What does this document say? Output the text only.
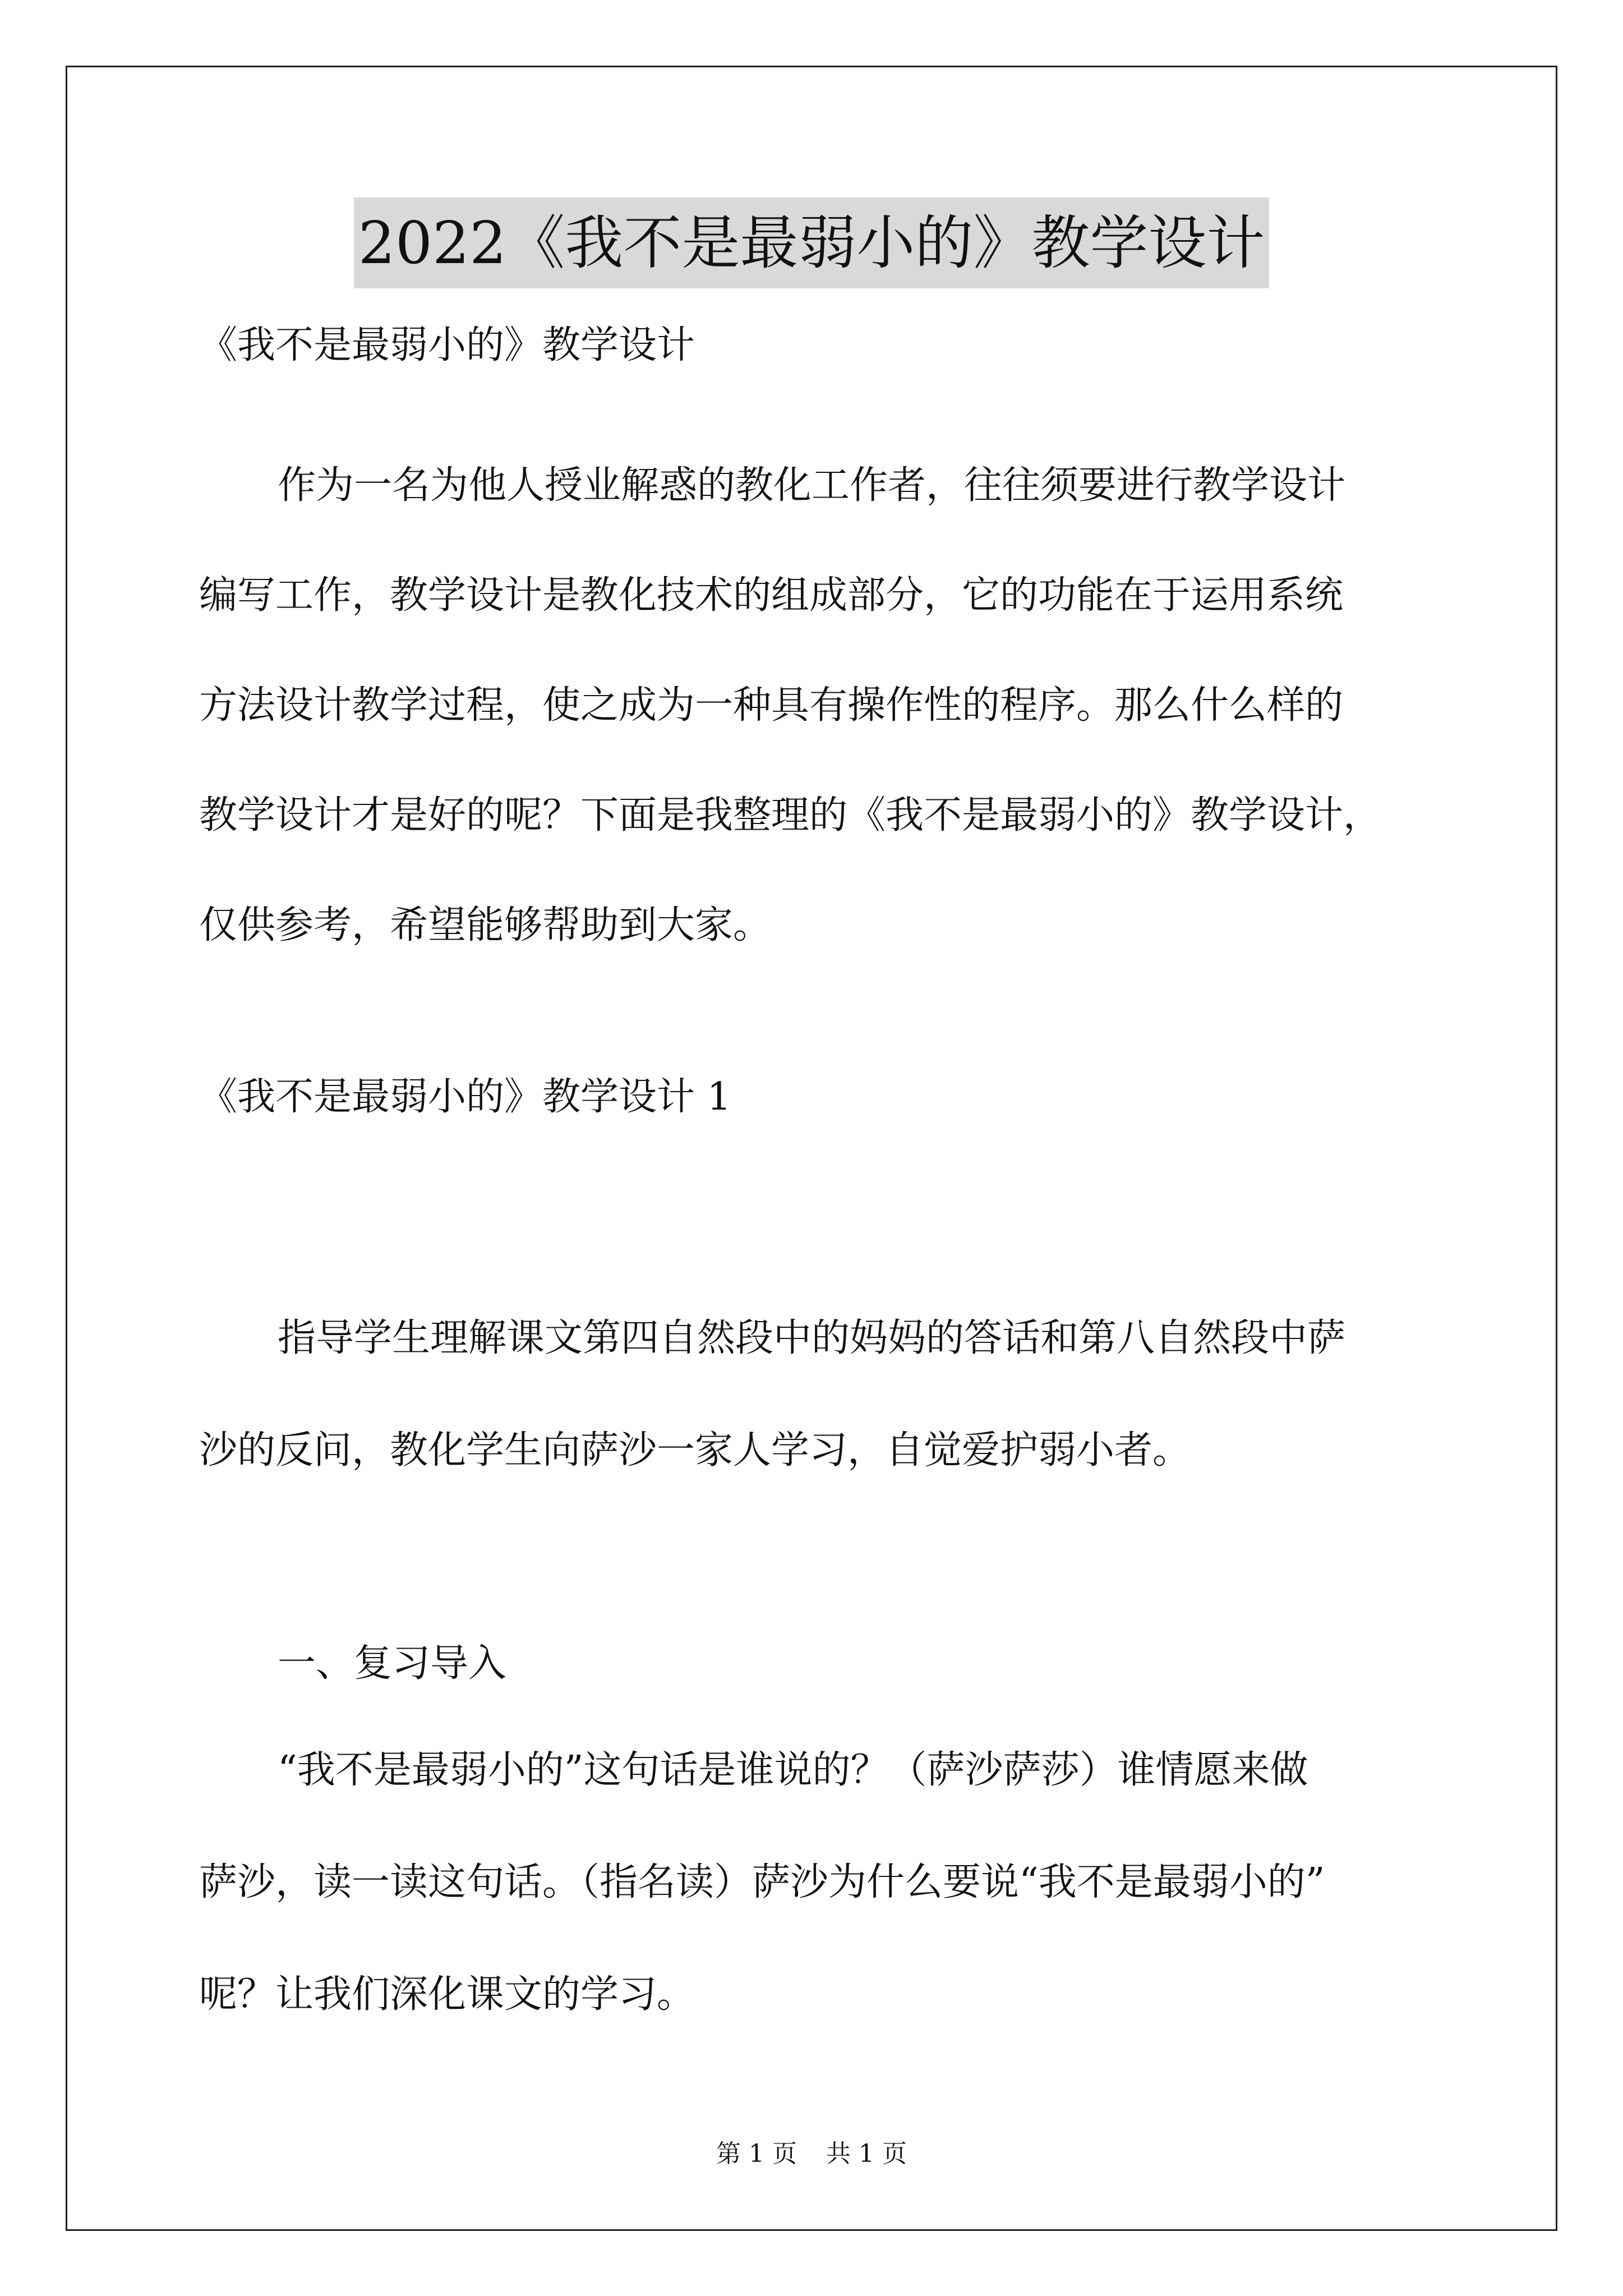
2022《我不是最弱小的》教学设计
《我不是最弱小的》教学设计
作为一名为他人授业解惑的教化工作者，往往须要进行教学设计
编写工作，教学设计是教化技术的组成部分，它的功能在于运用系统
方法设计教学过程，使之成为一种具有操作性的程序。那么什么样的
教学设计才是好的呢？下面是我整理的《我不是最弱小的》教学设计，
仅供参考，希望能够帮助到大家。
《我不是最弱小的》教学设计 1
指导学生理解课文第四自然段中的妈妈的答话和第八自然段中萨
沙的反问，教化学生向萨沙一家人学习，自觉爱护弱小者。
一、复习导入
“我不是最弱小的”这句话是谁说的？（萨沙萨莎）谁情愿来做
萨沙，读一读这句话。（指名读）萨沙为什么要说“我不是最弱小的”
呢？让我们深化课文的学习。
第 1 页 共 1 页
